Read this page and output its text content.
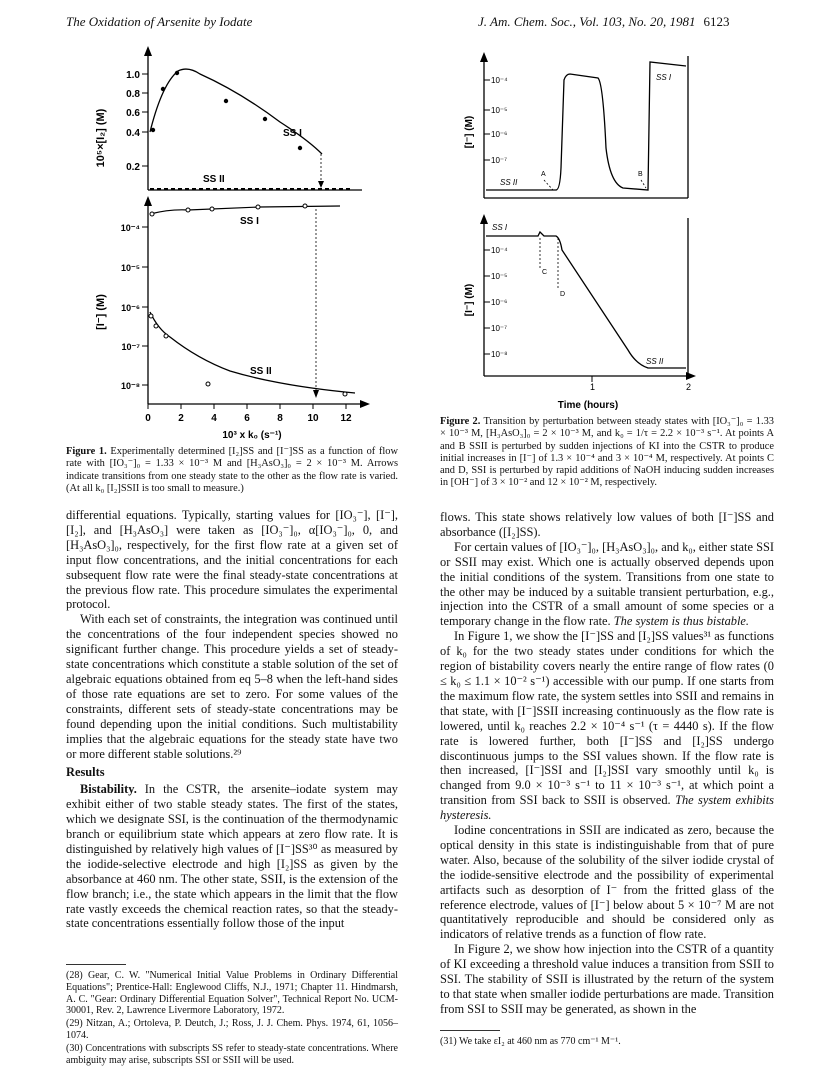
The Oxidation of Arsenite by Iodate	J. Am. Chem. Soc., Vol. 103, No. 20, 1981 6123
1.0
0.8
0.6
0.4
0.2
10⁵×[I₂] (M)	SS I
SS II
10⁻⁴
10⁻⁵
10⁻⁶
10⁻⁷
10⁻⁸
[I⁻] (M)
SS I
SS II
0	2	4	6	8 10 12
10³ x k₀ (s⁻¹)
Figure 1. Experimentally determined [I₂]SS and [I⁻]SS as a function of flow rate with [IO₃⁻]₀ = 1.33 × 10⁻³ M and [H₃AsO₃]₀ = 2 × 10⁻³ M. Arrows indicate transitions from one steady state to the other as the flow rate is varied. (At all k₀ [I₂]SSII is too small to measure.)
10⁻⁴
10⁻⁵
10⁻⁶
10⁻⁷
[I⁻] (M)
SS II
A	B
SS I
10⁻⁴
10⁻⁵
10⁻⁶
10⁻⁷
10⁻⁸
[I⁻] (M)
SS I
C
D
SS II
1	2
Time (hours)
Figure 2. Transition by perturbation between steady states with [IO₃⁻]₀ = 1.33 × 10⁻³ M, [H₃AsO₃]₀ = 2 × 10⁻³ M, and k₀ = 1/τ = 2.2 × 10⁻³ s⁻¹. At points A and B SSII is perturbed by sudden injections of KI into the CSTR to produce initial increases in [I⁻] of 1.3 × 10⁻⁴ and 3 × 10⁻⁴ M, respectively. At points C and D, SSI is perturbed by rapid additions of NaOH inducing sudden increases in [OH⁻] of 3 × 10⁻² and 12 × 10⁻² M, respectively.

differential equations. Typically, starting values for [IO₃⁻], [I⁻], [I₂], and [H₃AsO₃] were taken as [IO₃⁻]₀, α[IO₃⁻]₀, 0, and [H₃AsO₃]₀, respectively, for the first flow rate at a given set of input flow concentrations, and the initial concentrations for each subsequent flow rate were the final steady-state concentrations at the previous flow rate. This procedure simulates the experimental protocol.

With each set of constraints, the integration was continued until the concentrations of the four independent species showed no significant further change. This procedure yields a set of steady-state concentrations which constitute a stable solution of the set of algebraic equations obtained from eq 5–8 when the left-hand sides of those rate equations are set to zero. For some values of the constraints, different sets of steady-state concentrations may be found depending upon the initial conditions. Such multistability implies that the algebraic equations for the steady state have two or more different stable solutions.²⁹

Results

Bistability. In the CSTR, the arsenite–iodate system may exhibit either of two stable steady states. The first of the states, which we designate SSI, is the continuation of the thermodynamic branch or equilibrium state which appears at zero flow rate. It is distinguished by relatively high values of [I⁻]SS³⁰ as measured by the iodide-selective electrode and high [I₂]SS as given by the absorbance at 460 nm. The other state, SSII, is the extension of the flow branch; i.e., the state which appears in the limit that the flow rate vastly exceeds the chemical reaction rates, so that the steady-state concentrations essentially follow those of the input

(28) Gear, C. W. "Numerical Initial Value Problems in Ordinary Differential Equations"; Prentice-Hall: Englewood Cliffs, N.J., 1971; Chapter 11. Hindmarsh, A. C. "Gear: Ordinary Differential Equation Solver", Technical Report No. UCM-30001, Rev. 2, Lawrence Livermore Laboratory, 1972.

(29) Nitzan, A.; Ortoleva, P. Deutch, J.; Ross, J. J. Chem. Phys. 1974, 61, 1056–1074.

(30) Concentrations with subscripts SS refer to steady-state concentrations. Where ambiguity may arise, subscripts SSI or SSII will be used.

flows. This state shows relatively low values of both [I⁻]SS and absorbance ([I₂]SS).

For certain values of [IO₃⁻]₀, [H₃AsO₃]₀, and k₀, either state SSI or SSII may exist. Which one is actually observed depends upon the initial conditions of the system. Transitions from one state to the other may be induced by a suitable transient perturbation, e.g., injection into the CSTR of a small amount of some species or a temporary change in the flow rate. The system is thus bistable.

In Figure 1, we show the [I⁻]SS and [I₂]SS values³¹ as functions of k₀ for the two steady states under conditions for which the region of bistability covers nearly the entire range of flow rates (0 ≤ k₀ ≤ 1.1 × 10⁻² s⁻¹) accessible with our pump. If one starts from the maximum flow rate, the system settles into SSII and remains in that state, with [I⁻]SSII increasing continuously as the flow rate is lowered, until k₀ reaches 2.2 × 10⁻⁴ s⁻¹ (τ = 4440 s). If the flow rate is lowered further, both [I⁻]SS and [I₂]SS undergo discontinuous jumps to the SSI values shown. If the flow rate is then increased, [I⁻]SSI and [I₂]SSI vary smoothly until k₀ is changed from 9.0 × 10⁻³ s⁻¹ to 11 × 10⁻³ s⁻¹, at which point a transition from SSI back to SSII is observed. The system exhibits hysteresis.

Iodine concentrations in SSII are indicated as zero, because the optical density in this state is indistinguishable from that of pure water. Also, because of the solubility of the silver iodide crystal of the iodide-sensitive electrode and the possibility of experimental artifacts such as desorption of I⁻ from the fritted glass of the reference electrode, values of [I⁻] below about 5 × 10⁻⁷ M are not quantitatively reproducible and should be considered only as indicators of relative trends as a function of flow rate.

In Figure 2, we show how injection into the CSTR of a quantity of KI exceeding a threshold value induces a transition from SSII to SSI. The stability of SSII is illustrated by the return of the system to that state when smaller iodide perturbations are made. Transition from SSI to SSII may be generated, as shown in the

(31) We take εI₂ at 460 nm as 770 cm⁻¹ M⁻¹.
